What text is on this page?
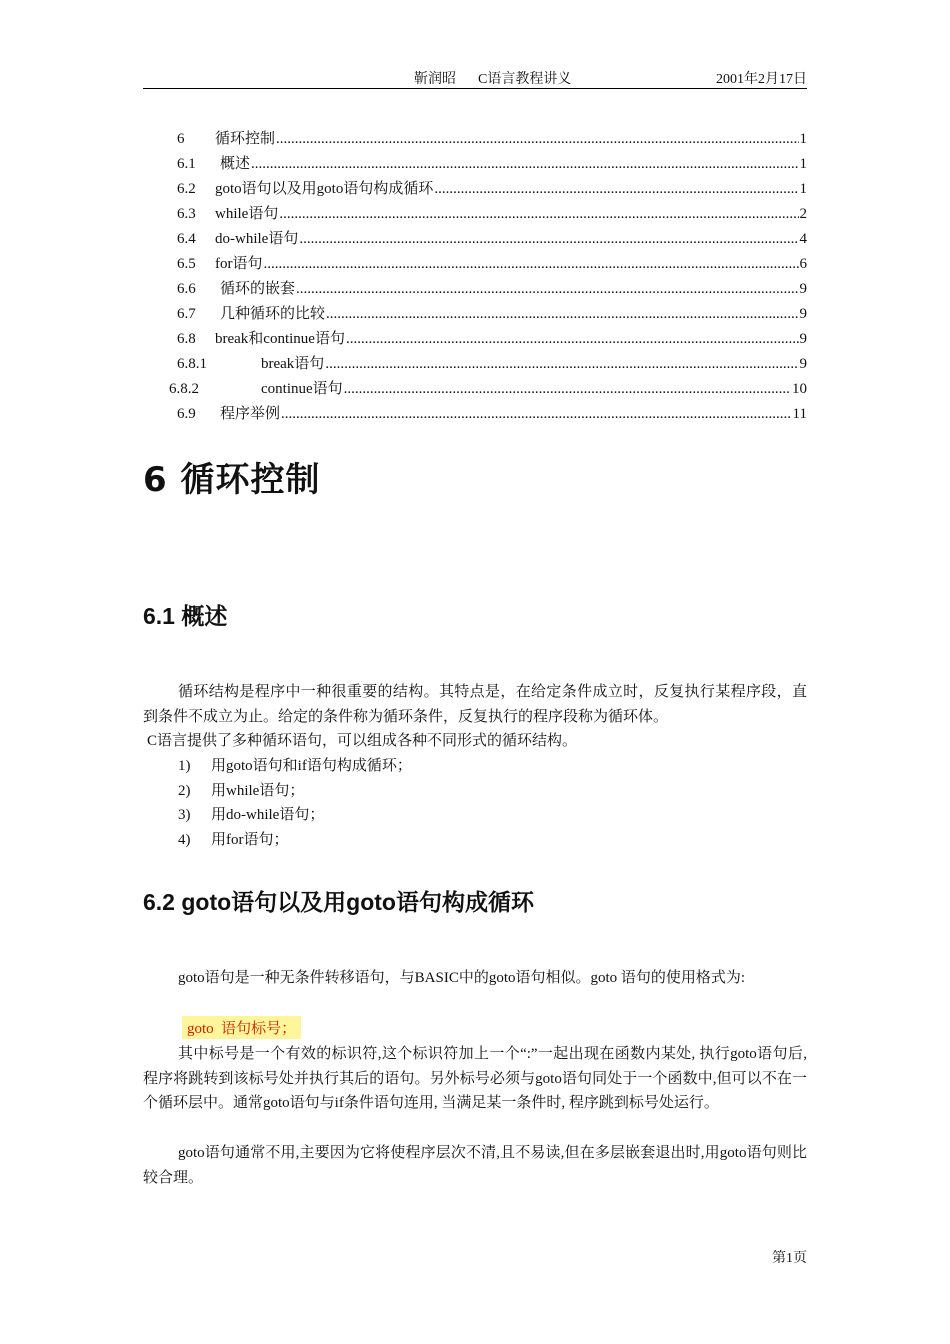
靳润昭 C语言教程讲义	2001年2月17日
6	循环控制 .....	1
6.1	概述 .....	1
6.2	goto语句以及用goto语句构成循环 .....	1
6.3	while语句 .....	2
6.4	do-while语句 .....	4
6.5	for语句 .....	6
6.6	循环的嵌套 .....	9
6.7	几种循环的比较 .....	9
6.8	break和continue语句 .....	9
6.8.1	break语句 .....	9
6.8.2	continue语句 .....	10
6.9	程序举例 .....	11
6 循环控制
6.1 概述
循环结构是程序中一种很重要的结构。其特点是，在给定条件成立时，反复执行某程序段，直到条件不成立为止。给定的条件称为循环条件，反复执行的程序段称为循环体。
C语言提供了多种循环语句，可以组成各种不同形式的循环结构。
1) 用goto语句和if语句构成循环；
2) 用while语句；
3) 用do-while语句；
4) 用for语句；
6.2 goto语句以及用goto语句构成循环
goto语句是一种无条件转移语句，与BASIC中的goto语句相似。goto 语句的使用格式为:
goto  语句标号；
其中标号是一个有效的标识符,这个标识符加上一个“:”一起出现在函数内某处, 执行goto语句后,程序将跳转到该标号处并执行其后的语句。另外标号必须与goto语句同处于一个函数中,但可以不在一个循环层中。通常goto语句与if条件语句连用, 当满足某一条件时, 程序跳到标号处运行。
goto语句通常不用,主要因为它将使程序层次不清,且不易读,但在多层嵌套退出时,用goto语句则比较合理。
第1页
